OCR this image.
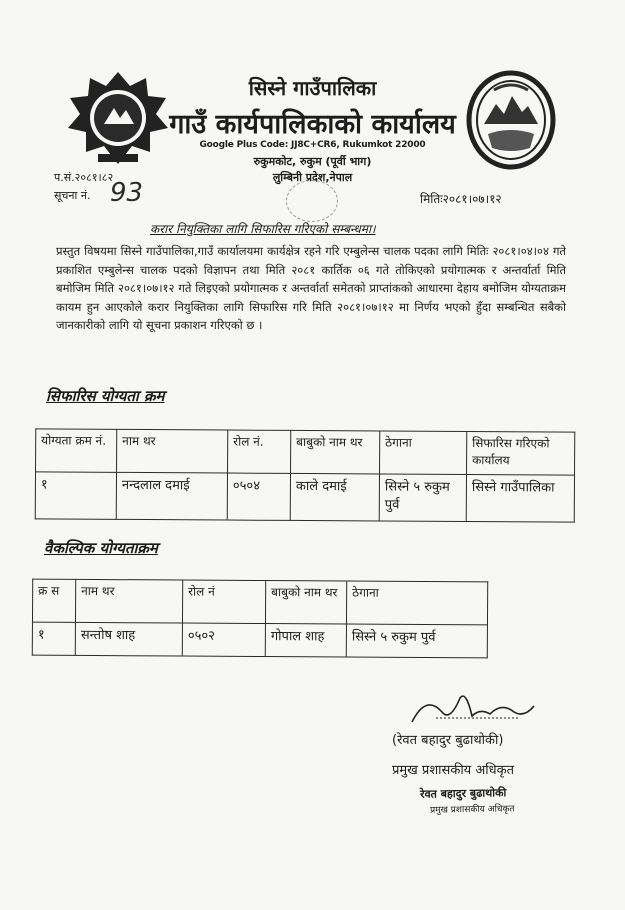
सिस्ने गाउँपालिका
गाउँ कार्यपालिकाको कार्यालय
Google Plus Code: JJ8C+CR6, Rukumkot 22000
रुकुमकोट, रुकुम (पूर्वी भाग)
लुम्बिनी प्रदेश,नेपाल
प.सं.२०८१।८२
सूचना नं. 93	मितिः२०८१।०७।१२
करार नियुक्तिका लागि सिफारिस गरिएको सम्बन्धमा।
प्रस्तुत विषयमा सिस्ने गाउँपालिका,गाउँ कार्यालयमा कार्यक्षेत्र रहने गरि एम्बुलेन्स चालक पदका लागि मितिः २०८१।०४।०४ गते प्रकाशित एम्बुलेन्स चालक पदको विज्ञापन तथा मिति २०८१ कार्तिक ०६ गते तोकिएको प्रयोगात्मक र अन्तर्वार्ता मिति बमोजिम मिति २०८१।०७।१२ गते लिइएको प्रयोगात्मक र अन्तर्वार्ता समेतको प्राप्तांकको आधारमा देहाय बमोजिम योग्यताक्रम कायम हुन आएकोले करार नियुक्तिका लागि सिफारिस गरि मिति २०८१।०७।१२ मा निर्णय भएको हुँदा सम्बन्धित सबैको जानकारीको लागि यो सूचना प्रकाशन गरिएको छ ।
सिफारिस योग्यता क्रम
योग्यता क्रम नं.	नाम थर	रोल नं.	बाबुको नाम थर	ठेगाना	सिफारिस गरिएको कार्यालय
१	नन्दलाल दमाई	०५०४	काले दमाई	सिस्ने ५ रुकुम पुर्व	सिस्ने गाउँपालिका
वैकल्पिक योग्यताक्रम
क्र स	नाम थर	रोल नं	बाबुको नाम थर	ठेगाना
१	सन्तोष शाह	०५०२	गोपाल शाह	सिस्ने ५ रुकुम पुर्व
(रेवत बहादुर बुढाथोकी)
प्रमुख प्रशासकीय अधिकृत
रेवत बहादुर बुढाथोकी
प्रमुख प्रशासकीय अधिकृत
